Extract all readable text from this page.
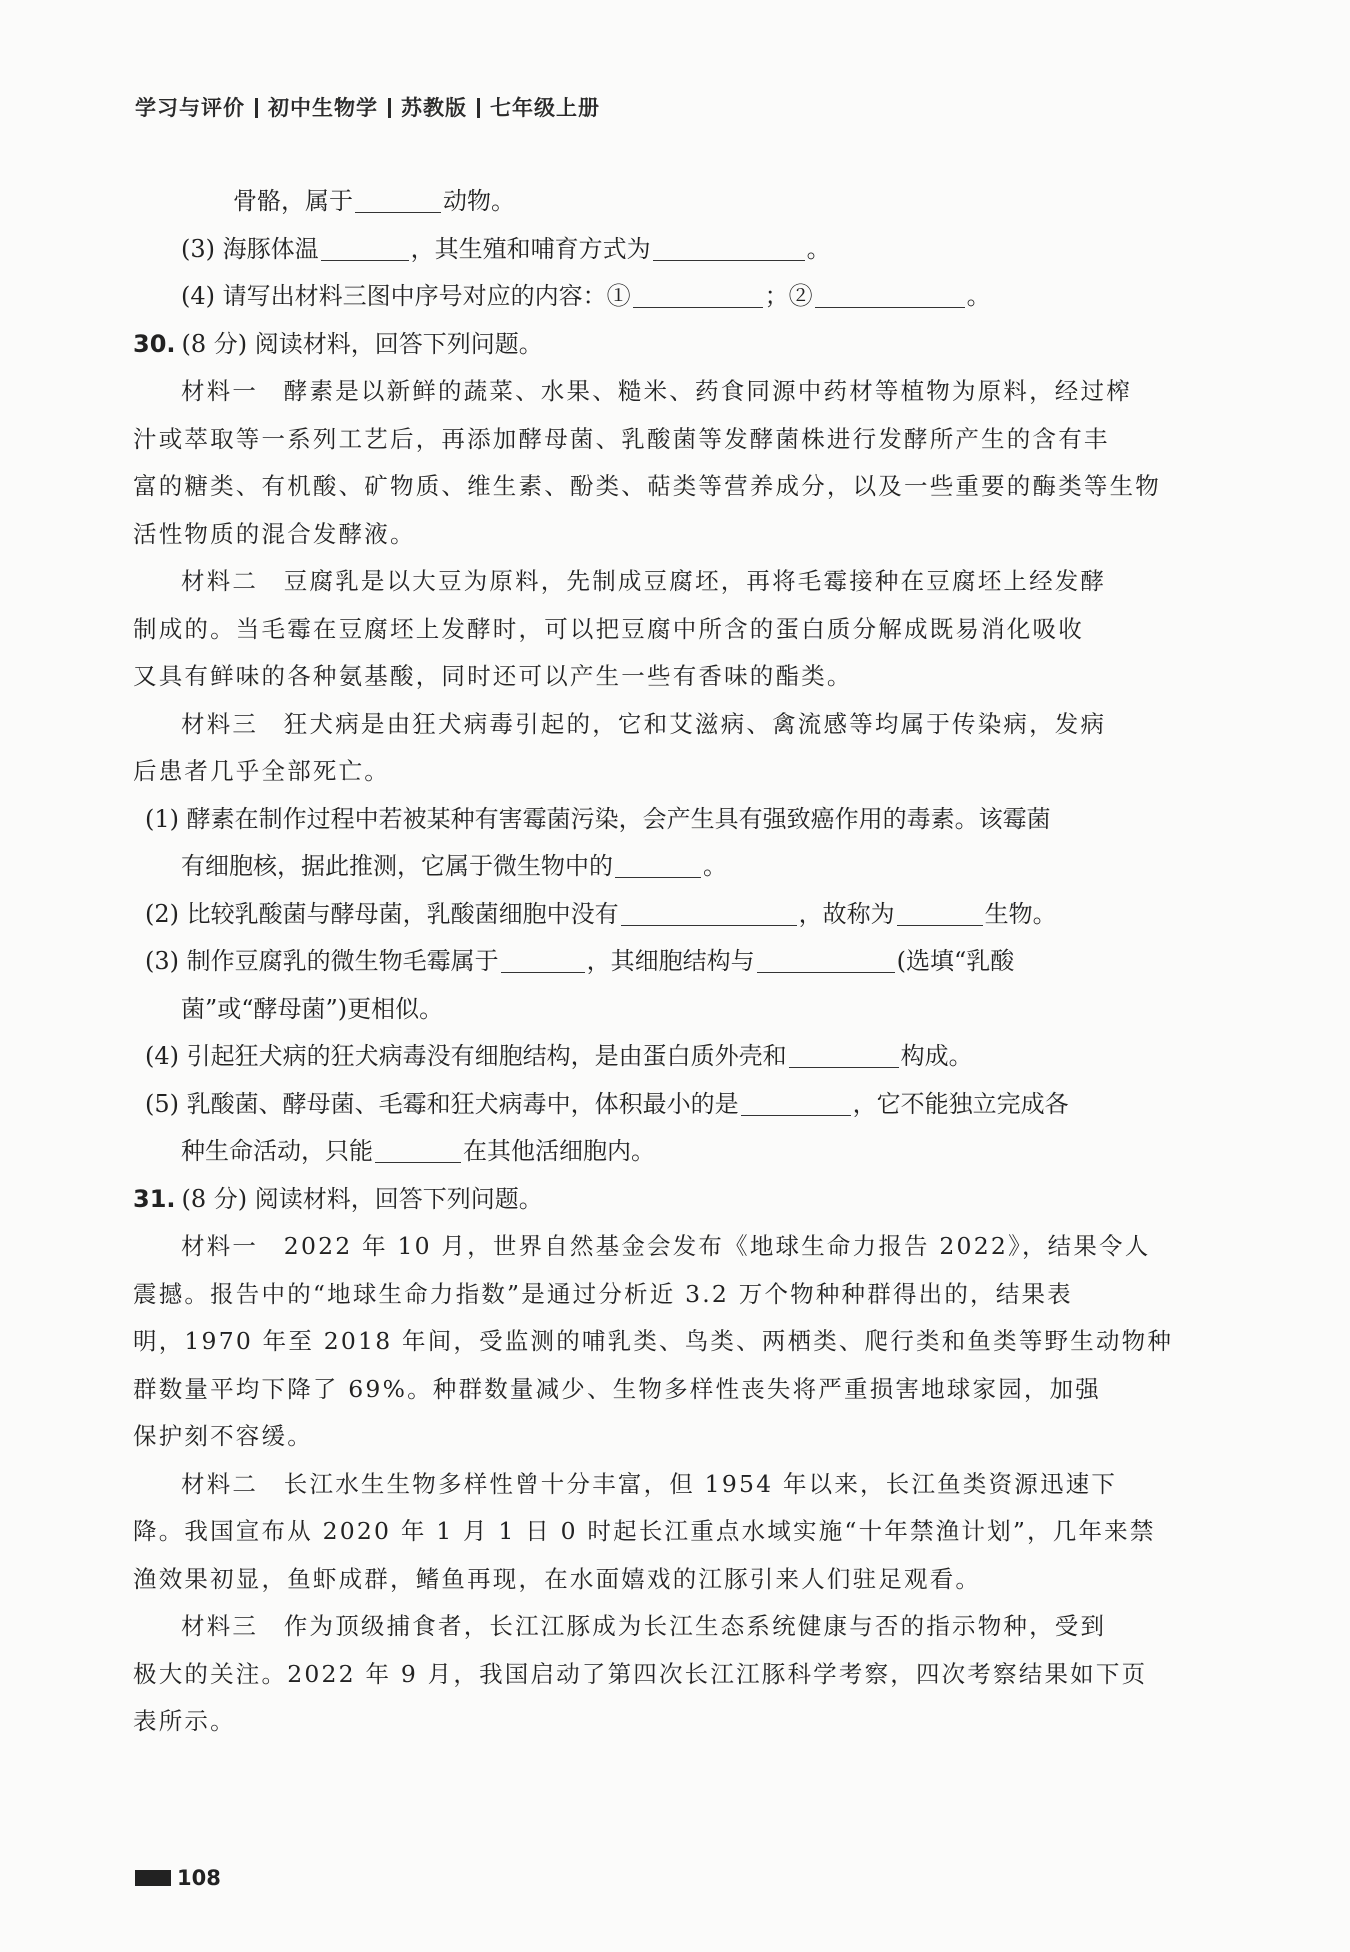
学习与评价 初中生物学 苏教版 七年级上册
骨骼，属于	动物。
(3) 海豚体温	，其生殖和哺育方式为	。
(4) 请写出材料三图中序号对应的内容：①	；②	。
30. (8 分) 阅读材料，回答下列问题。
材料一　酵素是以新鲜的蔬菜、水果、糙米、药食同源中药材等植物为原料，经过榨
汁或萃取等一系列工艺后，再添加酵母菌、乳酸菌等发酵菌株进行发酵所产生的含有丰
富的糖类、有机酸、矿物质、维生素、酚类、萜类等营养成分，以及一些重要的酶类等生物
活性物质的混合发酵液。
材料二　豆腐乳是以大豆为原料，先制成豆腐坯，再将毛霉接种在豆腐坯上经发酵
制成的。当毛霉在豆腐坯上发酵时，可以把豆腐中所含的蛋白质分解成既易消化吸收
又具有鲜味的各种氨基酸，同时还可以产生一些有香味的酯类。
材料三　狂犬病是由狂犬病毒引起的，它和艾滋病、禽流感等均属于传染病，发病
后患者几乎全部死亡。
(1) 酵素在制作过程中若被某种有害霉菌污染，会产生具有强致癌作用的毒素。该霉菌
有细胞核，据此推测，它属于微生物中的	。
(2) 比较乳酸菌与酵母菌，乳酸菌细胞中没有	，故称为	生物。
(3) 制作豆腐乳的微生物毛霉属于	，其细胞结构与	(选填“乳酸
菌”或“酵母菌”)更相似。
(4) 引起狂犬病的狂犬病毒没有细胞结构，是由蛋白质外壳和	构成。
(5) 乳酸菌、酵母菌、毛霉和狂犬病毒中，体积最小的是	，它不能独立完成各
种生命活动，只能	在其他活细胞内。
31. (8 分) 阅读材料，回答下列问题。
材料一　2022 年 10 月，世界自然基金会发布《地球生命力报告 2022》，结果令人
震撼。报告中的“地球生命力指数”是通过分析近 3.2 万个物种种群得出的，结果表
明，1970 年至 2018 年间，受监测的哺乳类、鸟类、两栖类、爬行类和鱼类等野生动物种
群数量平均下降了 69%。种群数量减少、生物多样性丧失将严重损害地球家园，加强
保护刻不容缓。
材料二　长江水生生物多样性曾十分丰富，但 1954 年以来，长江鱼类资源迅速下
降。我国宣布从 2020 年 1 月 1 日 0 时起长江重点水域实施“十年禁渔计划”，几年来禁
渔效果初显，鱼虾成群，鳍鱼再现，在水面嬉戏的江豚引来人们驻足观看。
材料三　作为顶级捕食者，长江江豚成为长江生态系统健康与否的指示物种，受到
极大的关注。2022 年 9 月，我国启动了第四次长江江豚科学考察，四次考察结果如下页
表所示。
108
